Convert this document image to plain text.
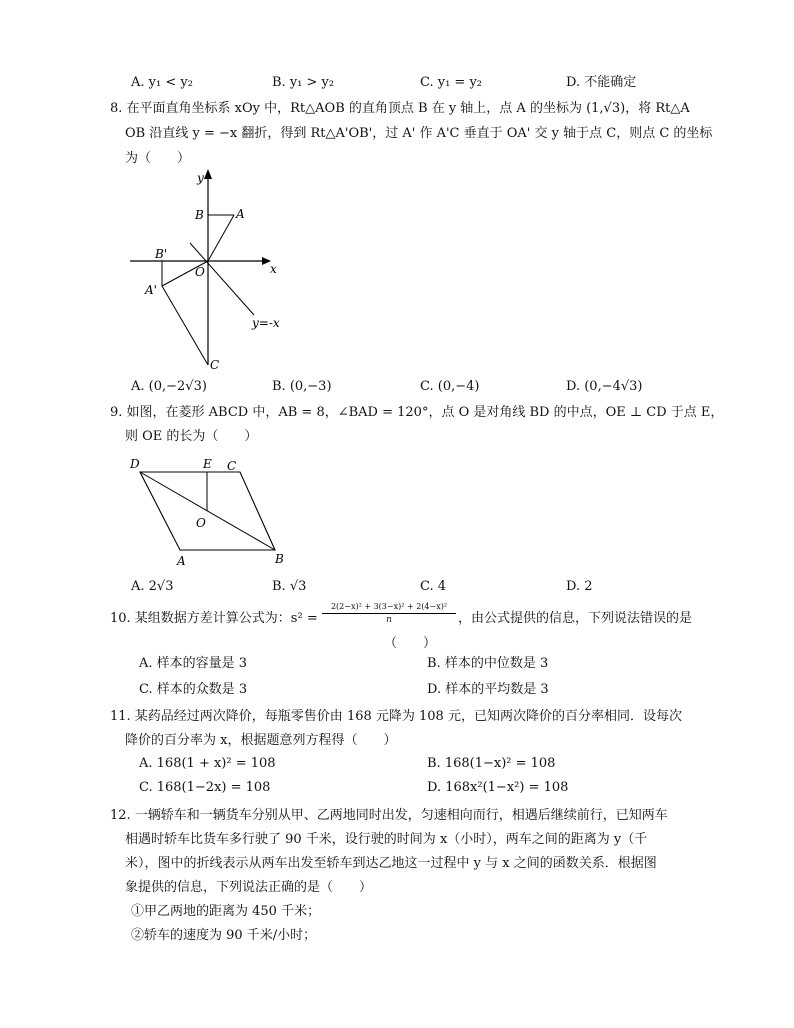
A. y₁ < y₂	B. y₁ > y₂	C. y₁ = y₂	D. 不能确定
8. 在平面直角坐标系 xOy 中，Rt△AOB 的直角顶点 B 在 y 轴上，点 A 的坐标为 (1,√3)，将 Rt△A
OB 沿直线 y = −x 翻折，得到 Rt△A'OB'，过 A' 作 A'C 垂直于 OA' 交 y 轴于点 C，则点 C 的坐标
为（　　）
y
B	A
B'
O	x
A'
y=-x
C
A. (0,−2√3)	B. (0,−3)	C. (0,−4)	D. (0,−4√3)
9. 如图，在菱形 ABCD 中，AB = 8，∠BAD = 120°，点 O 是对角线 BD 的中点，OE ⊥ CD 于点 E，
则 OE 的长为（　　）
D	E C
O
A	B
A. 2√3	B. √3	C. 4	D. 2
10. 某组数据方差计算公式为：$s^2 = \frac{\text{2(2−x)² + 3(3−x)² + 2(4−x)²}}{n}$ ，由公式提供的信息，下列说法错误的是
（　　）
A. 样本的容量是 3	B. 样本的中位数是 3
C. 样本的众数是 3	D. 样本的平均数是 3
11. 某药品经过两次降价，每瓶零售价由 168 元降为 108 元，已知两次降价的百分率相同．设每次
降价的百分率为 x，根据题意列方程得（　　）
A. 168(1 + x)² = 108	B. 168(1−x)² = 108
C. 168(1−2x) = 108	D. 168x²(1−x²) = 108
12. 一辆轿车和一辆货车分别从甲、乙两地同时出发，匀速相向而行，相遇后继续前行，已知两车
相遇时轿车比货车多行驶了 90 千米，设行驶的时间为 x（小时），两车之间的距离为 y（千
米），图中的折线表示从两车出发至轿车到达乙地这一过程中 y 与 x 之间的函数关系．根据图
象提供的信息，下列说法正确的是（　　）
①甲乙两地的距离为 450 千米；
②轿车的速度为 90 千米/小时；
